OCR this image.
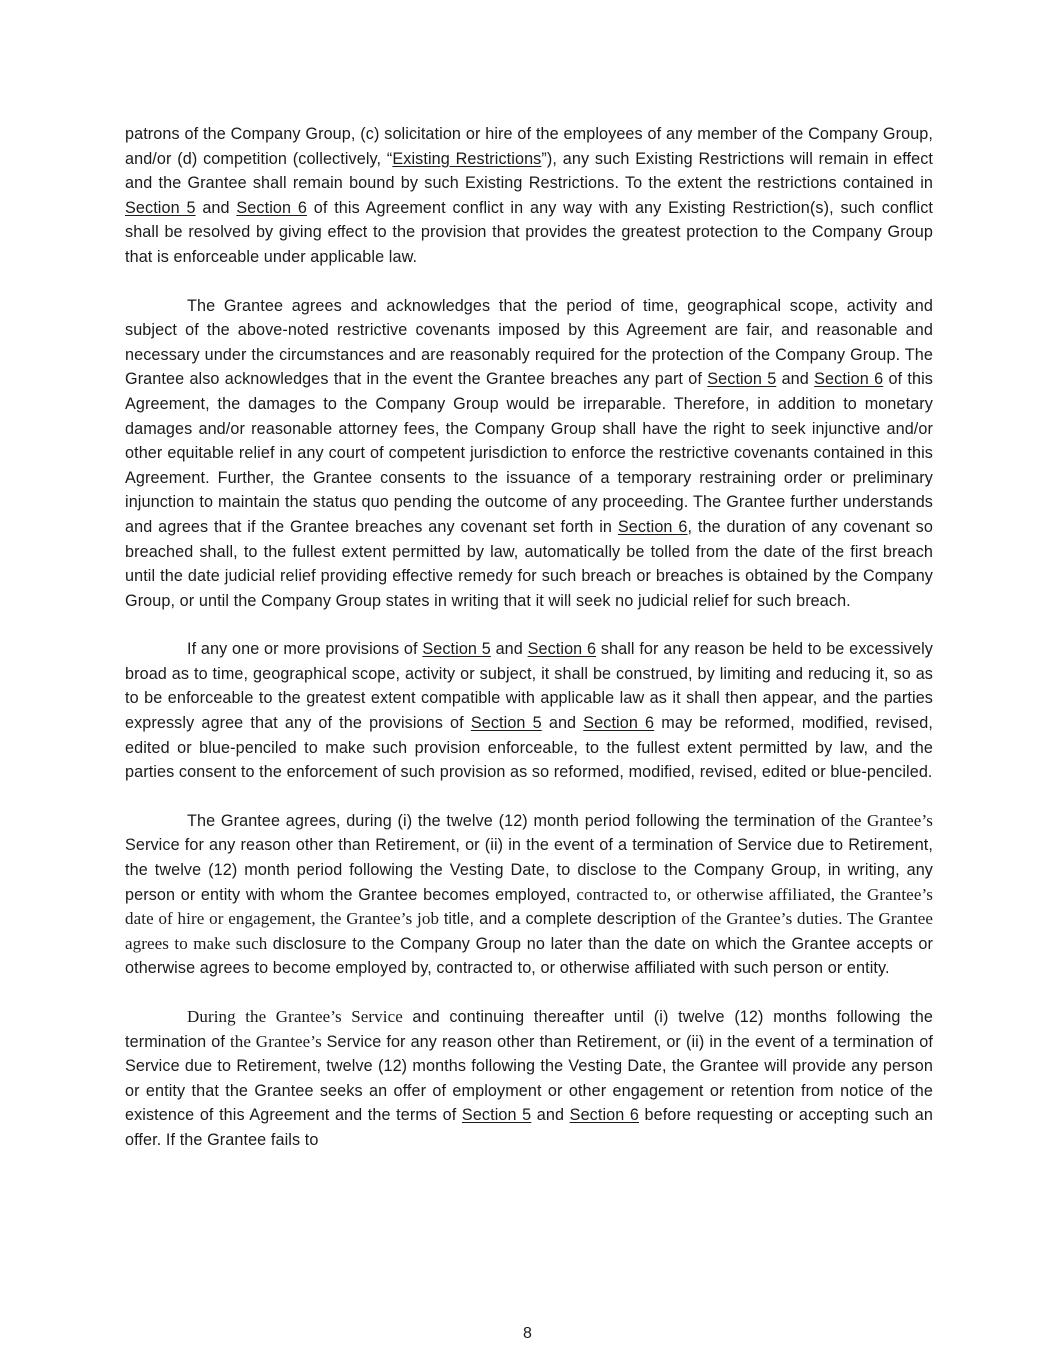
patrons of the Company Group, (c) solicitation or hire of the employees of any member of the Company Group, and/or (d) competition (collectively, “Existing Restrictions”), any such Existing Restrictions will remain in effect and the Grantee shall remain bound by such Existing Restrictions. To the extent the restrictions contained in Section 5 and Section 6 of this Agreement conflict in any way with any Existing Restriction(s), such conflict shall be resolved by giving effect to the provision that provides the greatest protection to the Company Group that is enforceable under applicable law.

The Grantee agrees and acknowledges that the period of time, geographical scope, activity and subject of the above-noted restrictive covenants imposed by this Agreement are fair, and reasonable and necessary under the circumstances and are reasonably required for the protection of the Company Group. The Grantee also acknowledges that in the event the Grantee breaches any part of Section 5 and Section 6 of this Agreement, the damages to the Company Group would be irreparable. Therefore, in addition to monetary damages and/or reasonable attorney fees, the Company Group shall have the right to seek injunctive and/or other equitable relief in any court of competent jurisdiction to enforce the restrictive covenants contained in this Agreement. Further, the Grantee consents to the issuance of a temporary restraining order or preliminary injunction to maintain the status quo pending the outcome of any proceeding. The Grantee further understands and agrees that if the Grantee breaches any covenant set forth in Section 6, the duration of any covenant so breached shall, to the fullest extent permitted by law, automatically be tolled from the date of the first breach until the date judicial relief providing effective remedy for such breach or breaches is obtained by the Company Group, or until the Company Group states in writing that it will seek no judicial relief for such breach.

If any one or more provisions of Section 5 and Section 6 shall for any reason be held to be excessively broad as to time, geographical scope, activity or subject, it shall be construed, by limiting and reducing it, so as to be enforceable to the greatest extent compatible with applicable law as it shall then appear, and the parties expressly agree that any of the provisions of Section 5 and Section 6 may be reformed, modified, revised, edited or blue-penciled to make such provision enforceable, to the fullest extent permitted by law, and the parties consent to the enforcement of such provision as so reformed, modified, revised, edited or blue-penciled.

The Grantee agrees, during (i) the twelve (12) month period following the termination of the Grantee’s Service for any reason other than Retirement, or (ii) in the event of a termination of Service due to Retirement, the twelve (12) month period following the Vesting Date, to disclose to the Company Group, in writing, any person or entity with whom the Grantee becomes employed, contracted to, or otherwise affiliated, the Grantee’s date of hire or engagement, the Grantee’s job title, and a complete description of the Grantee’s duties. The Grantee agrees to make such disclosure to the Company Group no later than the date on which the Grantee accepts or otherwise agrees to become employed by, contracted to, or otherwise affiliated with such person or entity.

During the Grantee’s Service and continuing thereafter until (i) twelve (12) months following the termination of the Grantee’s Service for any reason other than Retirement, or (ii) in the event of a termination of Service due to Retirement, twelve (12) months following the Vesting Date, the Grantee will provide any person or entity that the Grantee seeks an offer of employment or other engagement or retention from notice of the existence of this Agreement and the terms of Section 5 and Section 6 before requesting or accepting such an offer. If the Grantee fails to

8
